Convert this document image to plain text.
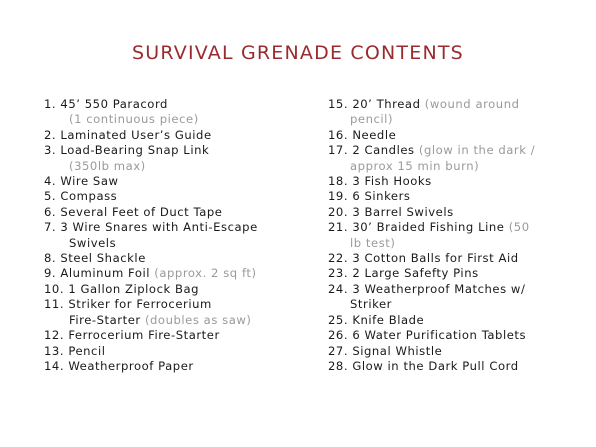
SURVIVAL GRENADE CONTENTS
1. 45’ 550 Paracord
(1 continuous piece)
2. Laminated User’s Guide
3. Load-Bearing Snap Link
(350lb max)
4. Wire Saw
5. Compass
6. Several Feet of Duct Tape
7. 3 Wire Snares with Anti-Escape
Swivels
8. Steel Shackle
9. Aluminum Foil (approx. 2 sq ft)
10. 1 Gallon Ziplock Bag
11. Striker for Ferrocerium
Fire-Starter (doubles as saw)
12. Ferrocerium Fire-Starter
13. Pencil
14. Weatherproof Paper
15. 20’ Thread (wound around
pencil)
16. Needle
17. 2 Candles (glow in the dark /
approx 15 min burn)
18. 3 Fish Hooks
19. 6 Sinkers
20. 3 Barrel Swivels
21. 30’ Braided Fishing Line (50
lb test)
22. 3 Cotton Balls for First Aid
23. 2 Large Safefty Pins
24. 3 Weatherproof Matches w/
Striker
25. Knife Blade
26. 6 Water Purification Tablets
27. Signal Whistle
28. Glow in the Dark Pull Cord
